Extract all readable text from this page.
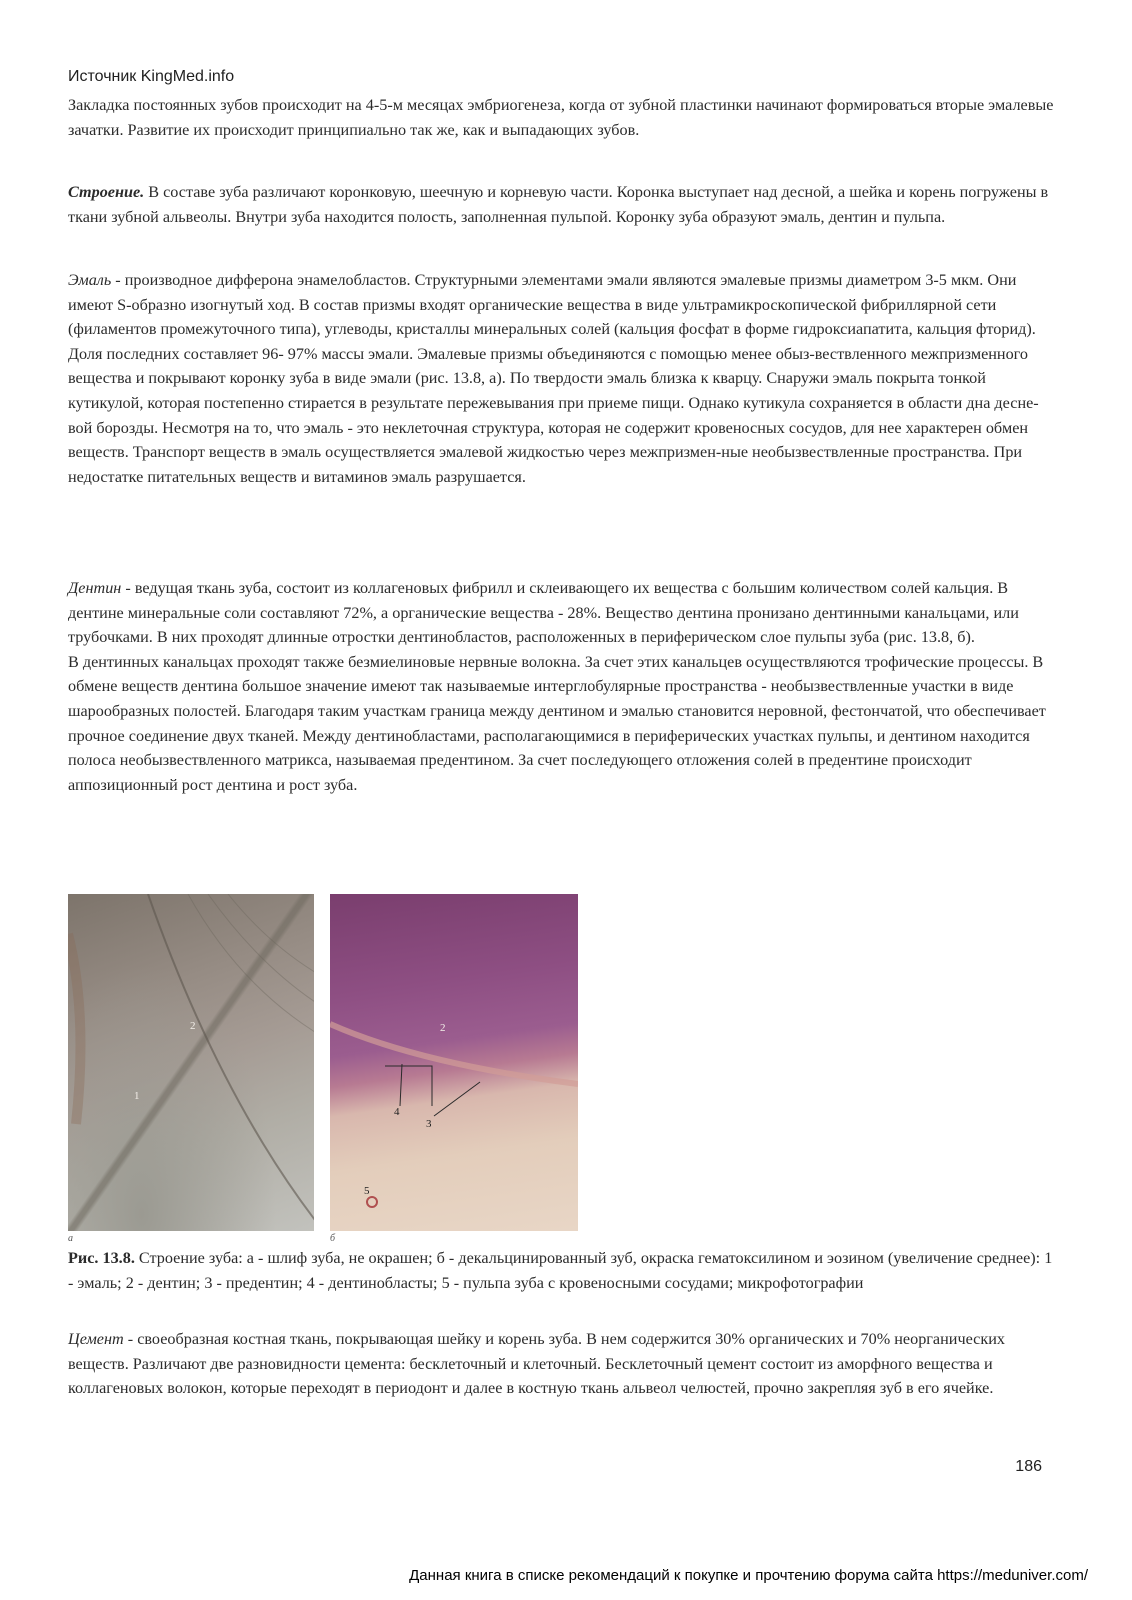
Источник KingMed.info

Закладка постоянных зубов происходит на 4-5-м месяцах эмбриогенеза, когда от зубной пластинки начинают формироваться вторые эмалевые зачатки. Развитие их происходит принципиально так же, как и выпадающих зубов.

Строение. В составе зуба различают коронковую, шеечную и корневую части. Коронка выступает над десной, а шейка и корень погружены в ткани зубной альвеолы. Внутри зуба находится полость, заполненная пульпой. Коронку зуба образуют эмаль, дентин и пульпа.

Эмаль - производное дифферона энамелобластов. Структурными элементами эмали являются эмалевые призмы диаметром 3-5 мкм. Они имеют S-образно изогнутый ход. В состав призмы входят органические вещества в виде ультрамикроскопической фибриллярной сети (филаментов промежуточного типа), углеводы, кристаллы минеральных солей (кальция фосфат в форме гидроксиапатита, кальция фторид). Доля последних составляет 96- 97% массы эмали. Эмалевые призмы объединяются с помощью менее обыз-вествленного межпризменного вещества и покрывают коронку зуба в виде эмали (рис. 13.8, а). По твердости эмаль близка к кварцу. Снаружи эмаль покрыта тонкой кутикулой, которая постепенно стирается в результате пережевывания при приеме пищи. Однако кутикула сохраняется в области дна десне-вой борозды. Несмотря на то, что эмаль - это неклеточная структура, которая не содержит кровеносных сосудов, для нее характерен обмен веществ. Транспорт веществ в эмаль осуществляется эмалевой жидкостью через межпризмен-ные необызвествленные пространства. При недостатке питательных веществ и витаминов эмаль разрушается.

Дентин - ведущая ткань зуба, состоит из коллагеновых фибрилл и склеивающего их вещества с большим количеством солей кальция. В дентине минеральные соли составляют 72%, а органические вещества - 28%. Вещество дентина пронизано дентинными канальцами, или трубочками. В них проходят длинные отростки дентинобластов, расположенных в периферическом слое пульпы зуба (рис. 13.8, б).
В дентинных канальцах проходят также безмиелиновые нервные волокна. За счет этих канальцев осуществляются трофические процессы. В обмене веществ дентина большое значение имеют так называемые интерглобулярные пространства - необызвествленные участки в виде шарообразных полостей. Благодаря таким участкам граница между дентином и эмалью становится неровной, фестончатой, что обеспечивает прочное соединение двух тканей. Между дентинобластами, располагающимися в периферических участках пульпы, и дентином находится полоса необызвествленного матрикса, называемая предентином. За счет последующего отложения солей в предентине происходит аппозиционный рост дентина и рост зуба.

2
1
2
4
3
5
а	б

Рис. 13.8. Строение зуба: а - шлиф зуба, не окрашен; б - декальцинированный зуб, окраска гематоксилином и эозином (увеличение среднее): 1 - эмаль; 2 - дентин; 3 - предентин; 4 - дентинобласты; 5 - пульпа зуба с кровеносными сосудами; микрофотографии

Цемент - своеобразная костная ткань, покрывающая шейку и корень зуба. В нем содержится 30% органических и 70% неорганических веществ. Различают две разновидности цемента: бесклеточный и клеточный. Бесклеточный цемент состоит из аморфного вещества и коллагеновых волокон, которые переходят в периодонт и далее в костную ткань альвеол челюстей, прочно закрепляя зуб в его ячейке.

186
Данная книга в списке рекомендаций к покупке и прочтению форума сайта https://meduniver.com/
